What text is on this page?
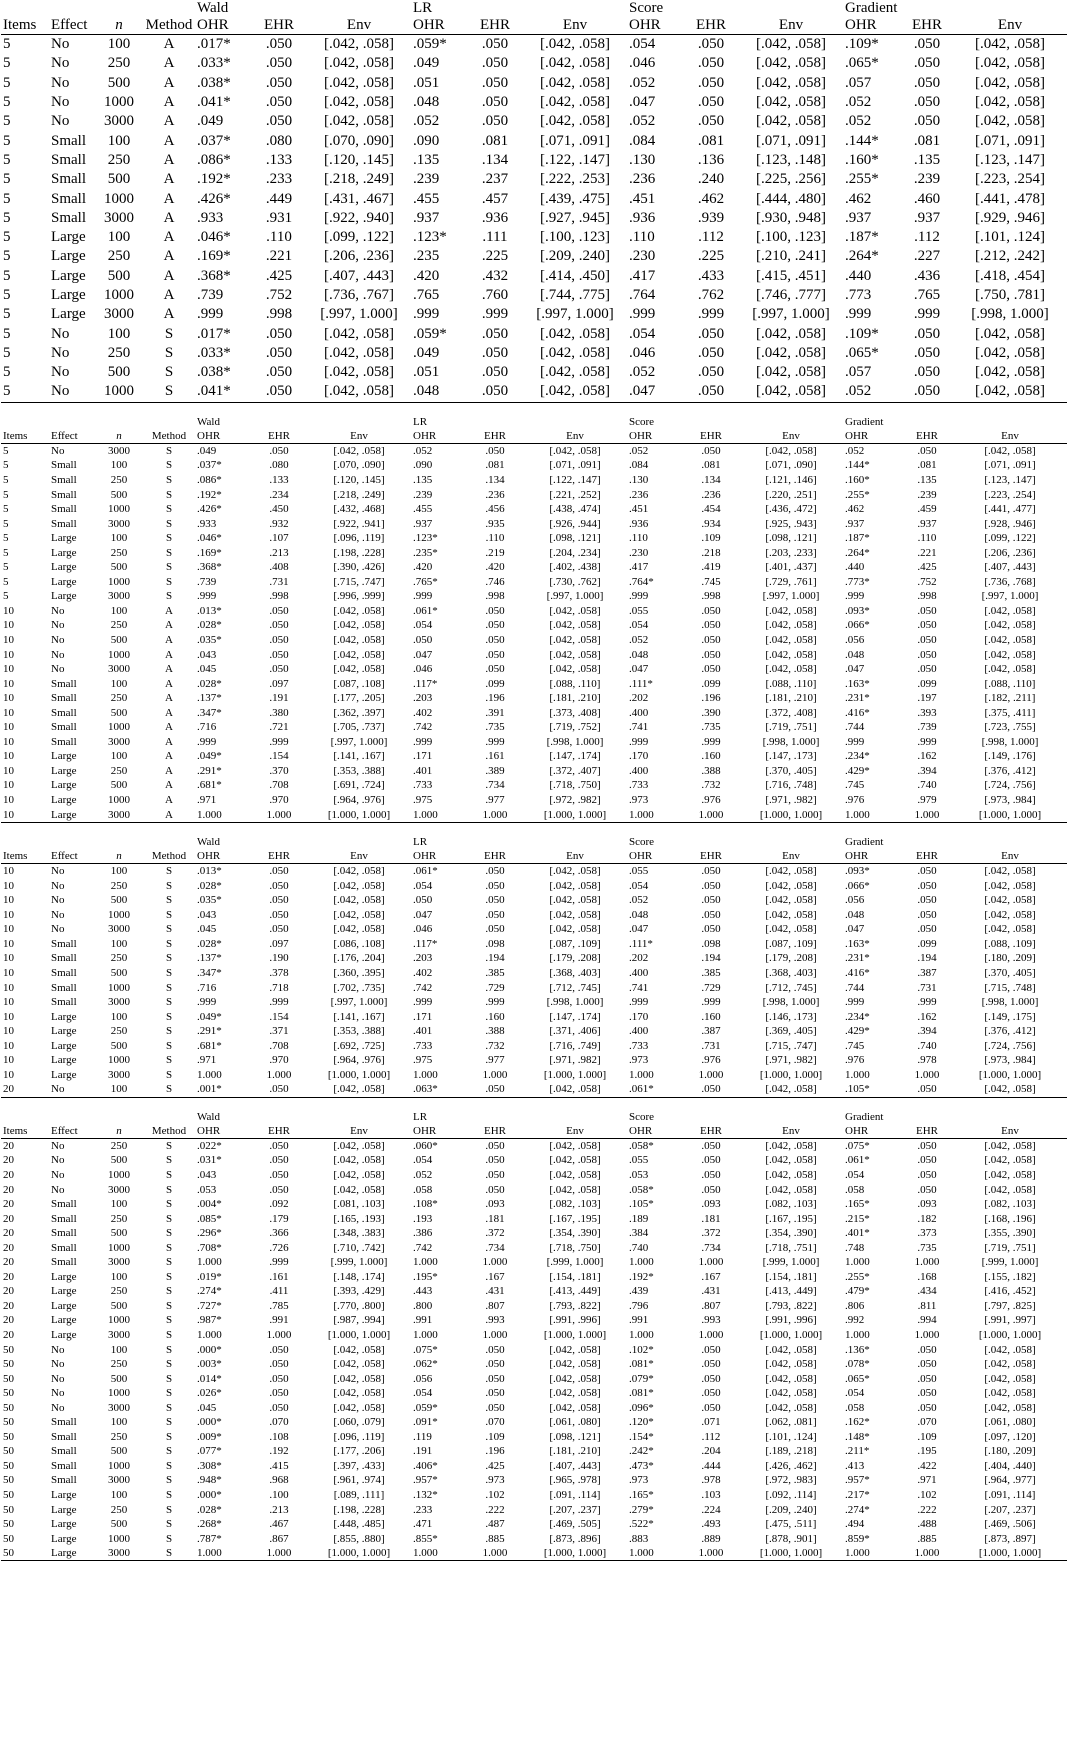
				Wald			LR			Score			Gradient		
Items	Effect	n	Method	OHR	EHR	Env	OHR	EHR	Env	OHR	EHR	Env	OHR	EHR	Env
5	No	100	A	.017*	.050	[.042, .058]	.059*	.050	[.042, .058]	.054	.050	[.042, .058]	.109*	.050	[.042, .058]
5	No	250	A	.033*	.050	[.042, .058]	.049	.050	[.042, .058]	.046	.050	[.042, .058]	.065*	.050	[.042, .058]
5	No	500	A	.038*	.050	[.042, .058]	.051	.050	[.042, .058]	.052	.050	[.042, .058]	.057	.050	[.042, .058]
5	No	1000	A	.041*	.050	[.042, .058]	.048	.050	[.042, .058]	.047	.050	[.042, .058]	.052	.050	[.042, .058]
5	No	3000	A	.049	.050	[.042, .058]	.052	.050	[.042, .058]	.052	.050	[.042, .058]	.052	.050	[.042, .058]
5	Small	100	A	.037*	.080	[.070, .090]	.090	.081	[.071, .091]	.084	.081	[.071, .091]	.144*	.081	[.071, .091]
5	Small	250	A	.086*	.133	[.120, .145]	.135	.134	[.122, .147]	.130	.136	[.123, .148]	.160*	.135	[.123, .147]
5	Small	500	A	.192*	.233	[.218, .249]	.239	.237	[.222, .253]	.236	.240	[.225, .256]	.255*	.239	[.223, .254]
5	Small	1000	A	.426*	.449	[.431, .467]	.455	.457	[.439, .475]	.451	.462	[.444, .480]	.462	.460	[.441, .478]
5	Small	3000	A	.933	.931	[.922, .940]	.937	.936	[.927, .945]	.936	.939	[.930, .948]	.937	.937	[.929, .946]
5	Large	100	A	.046*	.110	[.099, .122]	.123*	.111	[.100, .123]	.110	.112	[.100, .123]	.187*	.112	[.101, .124]
5	Large	250	A	.169*	.221	[.206, .236]	.235	.225	[.209, .240]	.230	.225	[.210, .241]	.264*	.227	[.212, .242]
5	Large	500	A	.368*	.425	[.407, .443]	.420	.432	[.414, .450]	.417	.433	[.415, .451]	.440	.436	[.418, .454]
5	Large	1000	A	.739	.752	[.736, .767]	.765	.760	[.744, .775]	.764	.762	[.746, .777]	.773	.765	[.750, .781]
5	Large	3000	A	.999	.998	[.997, 1.000]	.999	.999	[.997, 1.000]	.999	.999	[.997, 1.000]	.999	.999	[.998, 1.000]
5	No	100	S	.017*	.050	[.042, .058]	.059*	.050	[.042, .058]	.054	.050	[.042, .058]	.109*	.050	[.042, .058]
5	No	250	S	.033*	.050	[.042, .058]	.049	.050	[.042, .058]	.046	.050	[.042, .058]	.065*	.050	[.042, .058]
5	No	500	S	.038*	.050	[.042, .058]	.051	.050	[.042, .058]	.052	.050	[.042, .058]	.057	.050	[.042, .058]
5	No	1000	S	.041*	.050	[.042, .058]	.048	.050	[.042, .058]	.047	.050	[.042, .058]	.052	.050	[.042, .058]

				Wald			LR			Score			Gradient		
Items	Effect	n	Method	OHR	EHR	Env	OHR	EHR	Env	OHR	EHR	Env	OHR	EHR	Env
5	No	3000	S	.049	.050	[.042, .058]	.052	.050	[.042, .058]	.052	.050	[.042, .058]	.052	.050	[.042, .058]
5	Small	100	S	.037*	.080	[.070, .090]	.090	.081	[.071, .091]	.084	.081	[.071, .090]	.144*	.081	[.071, .091]
5	Small	250	S	.086*	.133	[.120, .145]	.135	.134	[.122, .147]	.130	.134	[.121, .146]	.160*	.135	[.123, .147]
5	Small	500	S	.192*	.234	[.218, .249]	.239	.236	[.221, .252]	.236	.236	[.220, .251]	.255*	.239	[.223, .254]
5	Small	1000	S	.426*	.450	[.432, .468]	.455	.456	[.438, .474]	.451	.454	[.436, .472]	.462	.459	[.441, .477]
5	Small	3000	S	.933	.932	[.922, .941]	.937	.935	[.926, .944]	.936	.934	[.925, .943]	.937	.937	[.928, .946]
5	Large	100	S	.046*	.107	[.096, .119]	.123*	.110	[.098, .121]	.110	.109	[.098, .121]	.187*	.110	[.099, .122]
5	Large	250	S	.169*	.213	[.198, .228]	.235*	.219	[.204, .234]	.230	.218	[.203, .233]	.264*	.221	[.206, .236]
5	Large	500	S	.368*	.408	[.390, .426]	.420	.420	[.402, .438]	.417	.419	[.401, .437]	.440	.425	[.407, .443]
5	Large	1000	S	.739	.731	[.715, .747]	.765*	.746	[.730, .762]	.764*	.745	[.729, .761]	.773*	.752	[.736, .768]
5	Large	3000	S	.999	.998	[.996, .999]	.999	.998	[.997, 1.000]	.999	.998	[.997, 1.000]	.999	.998	[.997, 1.000]
10	No	100	A	.013*	.050	[.042, .058]	.061*	.050	[.042, .058]	.055	.050	[.042, .058]	.093*	.050	[.042, .058]
10	No	250	A	.028*	.050	[.042, .058]	.054	.050	[.042, .058]	.054	.050	[.042, .058]	.066*	.050	[.042, .058]
10	No	500	A	.035*	.050	[.042, .058]	.050	.050	[.042, .058]	.052	.050	[.042, .058]	.056	.050	[.042, .058]
10	No	1000	A	.043	.050	[.042, .058]	.047	.050	[.042, .058]	.048	.050	[.042, .058]	.048	.050	[.042, .058]
10	No	3000	A	.045	.050	[.042, .058]	.046	.050	[.042, .058]	.047	.050	[.042, .058]	.047	.050	[.042, .058]
10	Small	100	A	.028*	.097	[.087, .108]	.117*	.099	[.088, .110]	.111*	.099	[.088, .110]	.163*	.099	[.088, .110]
10	Small	250	A	.137*	.191	[.177, .205]	.203	.196	[.181, .210]	.202	.196	[.181, .210]	.231*	.197	[.182, .211]
10	Small	500	A	.347*	.380	[.362, .397]	.402	.391	[.373, .408]	.400	.390	[.372, .408]	.416*	.393	[.375, .411]
10	Small	1000	A	.716	.721	[.705, .737]	.742	.735	[.719, .752]	.741	.735	[.719, .751]	.744	.739	[.723, .755]
10	Small	3000	A	.999	.999	[.997, 1.000]	.999	.999	[.998, 1.000]	.999	.999	[.998, 1.000]	.999	.999	[.998, 1.000]
10	Large	100	A	.049*	.154	[.141, .167]	.171	.161	[.147, .174]	.170	.160	[.147, .173]	.234*	.162	[.149, .176]
10	Large	250	A	.291*	.370	[.353, .388]	.401	.389	[.372, .407]	.400	.388	[.370, .405]	.429*	.394	[.376, .412]
10	Large	500	A	.681*	.708	[.691, .724]	.733	.734	[.718, .750]	.733	.732	[.716, .748]	.745	.740	[.724, .756]
10	Large	1000	A	.971	.970	[.964, .976]	.975	.977	[.972, .982]	.973	.976	[.971, .982]	.976	.979	[.973, .984]
10	Large	3000	A	1.000	1.000	[1.000, 1.000]	1.000	1.000	[1.000, 1.000]	1.000	1.000	[1.000, 1.000]	1.000	1.000	[1.000, 1.000]

				Wald			LR			Score			Gradient		
Items	Effect	n	Method	OHR	EHR	Env	OHR	EHR	Env	OHR	EHR	Env	OHR	EHR	Env
10	No	100	S	.013*	.050	[.042, .058]	.061*	.050	[.042, .058]	.055	.050	[.042, .058]	.093*	.050	[.042, .058]
10	No	250	S	.028*	.050	[.042, .058]	.054	.050	[.042, .058]	.054	.050	[.042, .058]	.066*	.050	[.042, .058]
10	No	500	S	.035*	.050	[.042, .058]	.050	.050	[.042, .058]	.052	.050	[.042, .058]	.056	.050	[.042, .058]
10	No	1000	S	.043	.050	[.042, .058]	.047	.050	[.042, .058]	.048	.050	[.042, .058]	.048	.050	[.042, .058]
10	No	3000	S	.045	.050	[.042, .058]	.046	.050	[.042, .058]	.047	.050	[.042, .058]	.047	.050	[.042, .058]
10	Small	100	S	.028*	.097	[.086, .108]	.117*	.098	[.087, .109]	.111*	.098	[.087, .109]	.163*	.099	[.088, .109]
10	Small	250	S	.137*	.190	[.176, .204]	.203	.194	[.179, .208]	.202	.194	[.179, .208]	.231*	.194	[.180, .209]
10	Small	500	S	.347*	.378	[.360, .395]	.402	.385	[.368, .403]	.400	.385	[.368, .403]	.416*	.387	[.370, .405]
10	Small	1000	S	.716	.718	[.702, .735]	.742	.729	[.712, .745]	.741	.729	[.712, .745]	.744	.731	[.715, .748]
10	Small	3000	S	.999	.999	[.997, 1.000]	.999	.999	[.998, 1.000]	.999	.999	[.998, 1.000]	.999	.999	[.998, 1.000]
10	Large	100	S	.049*	.154	[.141, .167]	.171	.160	[.147, .174]	.170	.160	[.146, .173]	.234*	.162	[.149, .175]
10	Large	250	S	.291*	.371	[.353, .388]	.401	.388	[.371, .406]	.400	.387	[.369, .405]	.429*	.394	[.376, .412]
10	Large	500	S	.681*	.708	[.692, .725]	.733	.732	[.716, .749]	.733	.731	[.715, .747]	.745	.740	[.724, .756]
10	Large	1000	S	.971	.970	[.964, .976]	.975	.977	[.971, .982]	.973	.976	[.971, .982]	.976	.978	[.973, .984]
10	Large	3000	S	1.000	1.000	[1.000, 1.000]	1.000	1.000	[1.000, 1.000]	1.000	1.000	[1.000, 1.000]	1.000	1.000	[1.000, 1.000]
20	No	100	S	.001*	.050	[.042, .058]	.063*	.050	[.042, .058]	.061*	.050	[.042, .058]	.105*	.050	[.042, .058]

				Wald			LR			Score			Gradient		
Items	Effect	n	Method	OHR	EHR	Env	OHR	EHR	Env	OHR	EHR	Env	OHR	EHR	Env
20	No	250	S	.022*	.050	[.042, .058]	.060*	.050	[.042, .058]	.058*	.050	[.042, .058]	.075*	.050	[.042, .058]
20	No	500	S	.031*	.050	[.042, .058]	.054	.050	[.042, .058]	.055	.050	[.042, .058]	.061*	.050	[.042, .058]
20	No	1000	S	.043	.050	[.042, .058]	.052	.050	[.042, .058]	.053	.050	[.042, .058]	.054	.050	[.042, .058]
20	No	3000	S	.053	.050	[.042, .058]	.058	.050	[.042, .058]	.058*	.050	[.042, .058]	.058	.050	[.042, .058]
20	Small	100	S	.004*	.092	[.081, .103]	.108*	.093	[.082, .103]	.105*	.093	[.082, .103]	.165*	.093	[.082, .103]
20	Small	250	S	.085*	.179	[.165, .193]	.193	.181	[.167, .195]	.189	.181	[.167, .195]	.215*	.182	[.168, .196]
20	Small	500	S	.296*	.366	[.348, .383]	.386	.372	[.354, .390]	.384	.372	[.354, .390]	.401*	.373	[.355, .390]
20	Small	1000	S	.708*	.726	[.710, .742]	.742	.734	[.718, .750]	.740	.734	[.718, .751]	.748	.735	[.719, .751]
20	Small	3000	S	1.000	.999	[.999, 1.000]	1.000	1.000	[.999, 1.000]	1.000	1.000	[.999, 1.000]	1.000	1.000	[.999, 1.000]
20	Large	100	S	.019*	.161	[.148, .174]	.195*	.167	[.154, .181]	.192*	.167	[.154, .181]	.255*	.168	[.155, .182]
20	Large	250	S	.274*	.411	[.393, .429]	.443	.431	[.413, .449]	.439	.431	[.413, .449]	.479*	.434	[.416, .452]
20	Large	500	S	.727*	.785	[.770, .800]	.800	.807	[.793, .822]	.796	.807	[.793, .822]	.806	.811	[.797, .825]
20	Large	1000	S	.987*	.991	[.987, .994]	.991	.993	[.991, .996]	.991	.993	[.991, .996]	.992	.994	[.991, .997]
20	Large	3000	S	1.000	1.000	[1.000, 1.000]	1.000	1.000	[1.000, 1.000]	1.000	1.000	[1.000, 1.000]	1.000	1.000	[1.000, 1.000]
50	No	100	S	.000*	.050	[.042, .058]	.075*	.050	[.042, .058]	.102*	.050	[.042, .058]	.136*	.050	[.042, .058]
50	No	250	S	.003*	.050	[.042, .058]	.062*	.050	[.042, .058]	.081*	.050	[.042, .058]	.078*	.050	[.042, .058]
50	No	500	S	.014*	.050	[.042, .058]	.056	.050	[.042, .058]	.079*	.050	[.042, .058]	.065*	.050	[.042, .058]
50	No	1000	S	.026*	.050	[.042, .058]	.054	.050	[.042, .058]	.081*	.050	[.042, .058]	.054	.050	[.042, .058]
50	No	3000	S	.045	.050	[.042, .058]	.059*	.050	[.042, .058]	.096*	.050	[.042, .058]	.058	.050	[.042, .058]
50	Small	100	S	.000*	.070	[.060, .079]	.091*	.070	[.061, .080]	.120*	.071	[.062, .081]	.162*	.070	[.061, .080]
50	Small	250	S	.009*	.108	[.096, .119]	.119	.109	[.098, .121]	.154*	.112	[.101, .124]	.148*	.109	[.097, .120]
50	Small	500	S	.077*	.192	[.177, .206]	.191	.196	[.181, .210]	.242*	.204	[.189, .218]	.211*	.195	[.180, .209]
50	Small	1000	S	.308*	.415	[.397, .433]	.406*	.425	[.407, .443]	.473*	.444	[.426, .462]	.413	.422	[.404, .440]
50	Small	3000	S	.948*	.968	[.961, .974]	.957*	.973	[.965, .978]	.973	.978	[.972, .983]	.957*	.971	[.964, .977]
50	Large	100	S	.000*	.100	[.089, .111]	.132*	.102	[.091, .114]	.165*	.103	[.092, .114]	.217*	.102	[.091, .114]
50	Large	250	S	.028*	.213	[.198, .228]	.233	.222	[.207, .237]	.279*	.224	[.209, .240]	.274*	.222	[.207, .237]
50	Large	500	S	.268*	.467	[.448, .485]	.471	.487	[.469, .505]	.522*	.493	[.475, .511]	.494	.488	[.469, .506]
50	Large	1000	S	.787*	.867	[.855, .880]	.855*	.885	[.873, .896]	.883	.889	[.878, .901]	.859*	.885	[.873, .897]
50	Large	3000	S	1.000	1.000	[1.000, 1.000]	1.000	1.000	[1.000, 1.000]	1.000	1.000	[1.000, 1.000]	1.000	1.000	[1.000, 1.000]
